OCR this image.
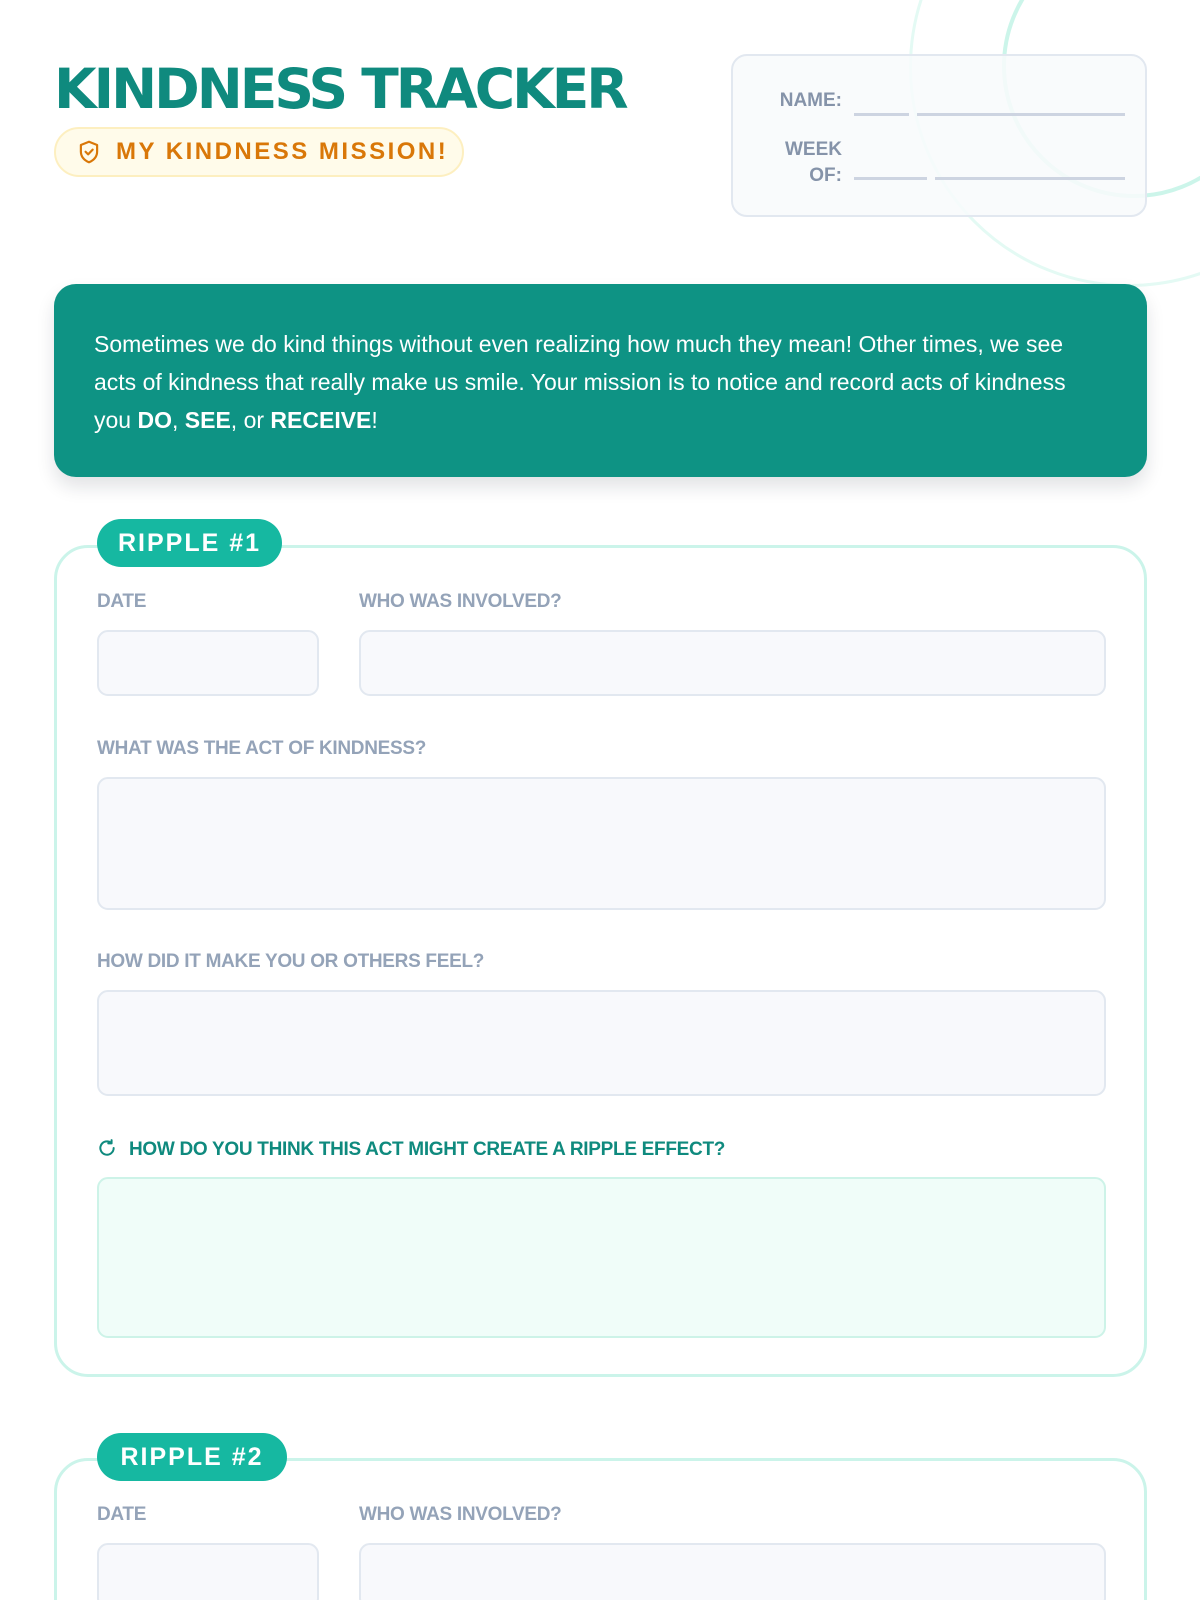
KINDNESS TRACKER
MY KINDNESS MISSION!
NAME:
WEEK
OF:

Sometimes we do kind things without even realizing how much they mean! Other times, we see acts of kindness that really make us smile. Your mission is to notice and record acts of kindness you DO, SEE, or RECEIVE!

DATE	WHO WAS INVOLVED?
WHAT WAS THE ACT OF KINDNESS?
HOW DID IT MAKE YOU OR OTHERS FEEL?
HOW DO YOU THINK THIS ACT MIGHT CREATE A RIPPLE EFFECT?
RIPPLE #1
DATE	WHO WAS INVOLVED?
RIPPLE #2
